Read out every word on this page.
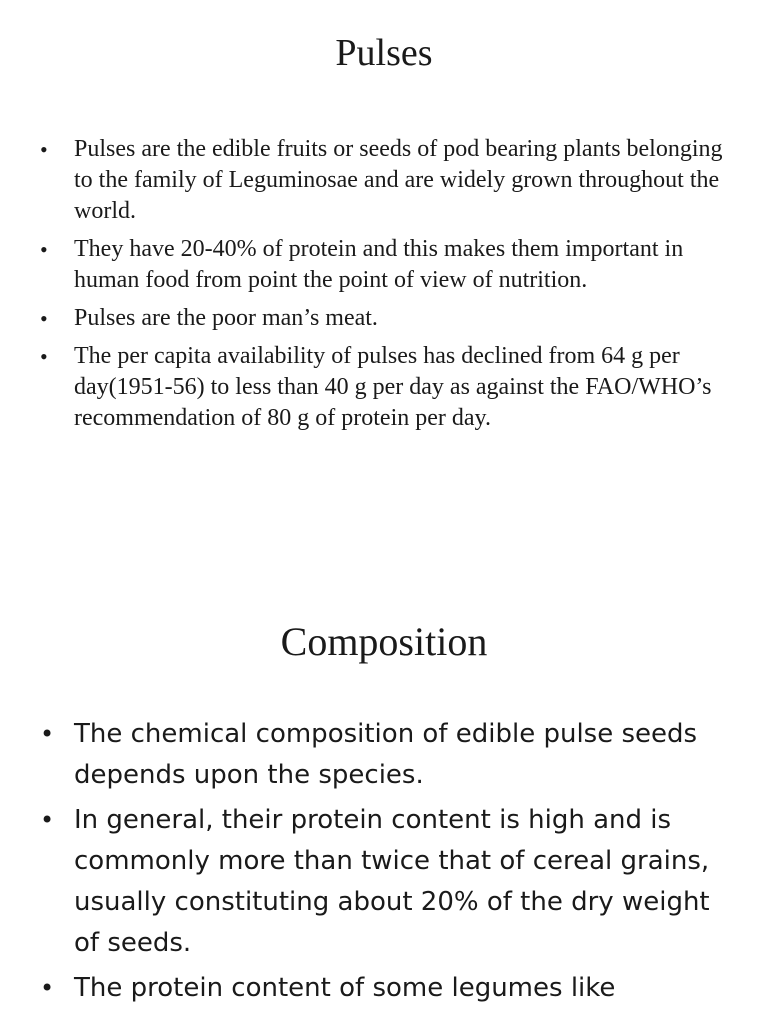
Pulses
• Pulses are the edible fruits or seeds of pod bearing plants belonging to the family of Leguminosae and are widely grown throughout the world.
• They have 20-40% of protein and this makes them important in human food from point the point of view of nutrition.
• Pulses are the poor man’s meat.
• The per capita availability of pulses has declined from 64 g per day(1951-56) to less than 40 g per day as against the FAO/WHO’s recommendation of 80 g of protein per day.
Composition
• The chemical composition of edible pulse seeds depends upon the species.
• In general, their protein content is high and is commonly more than twice that of cereal grains, usually constituting about 20% of the dry weight of seeds.
• The protein content of some legumes like
